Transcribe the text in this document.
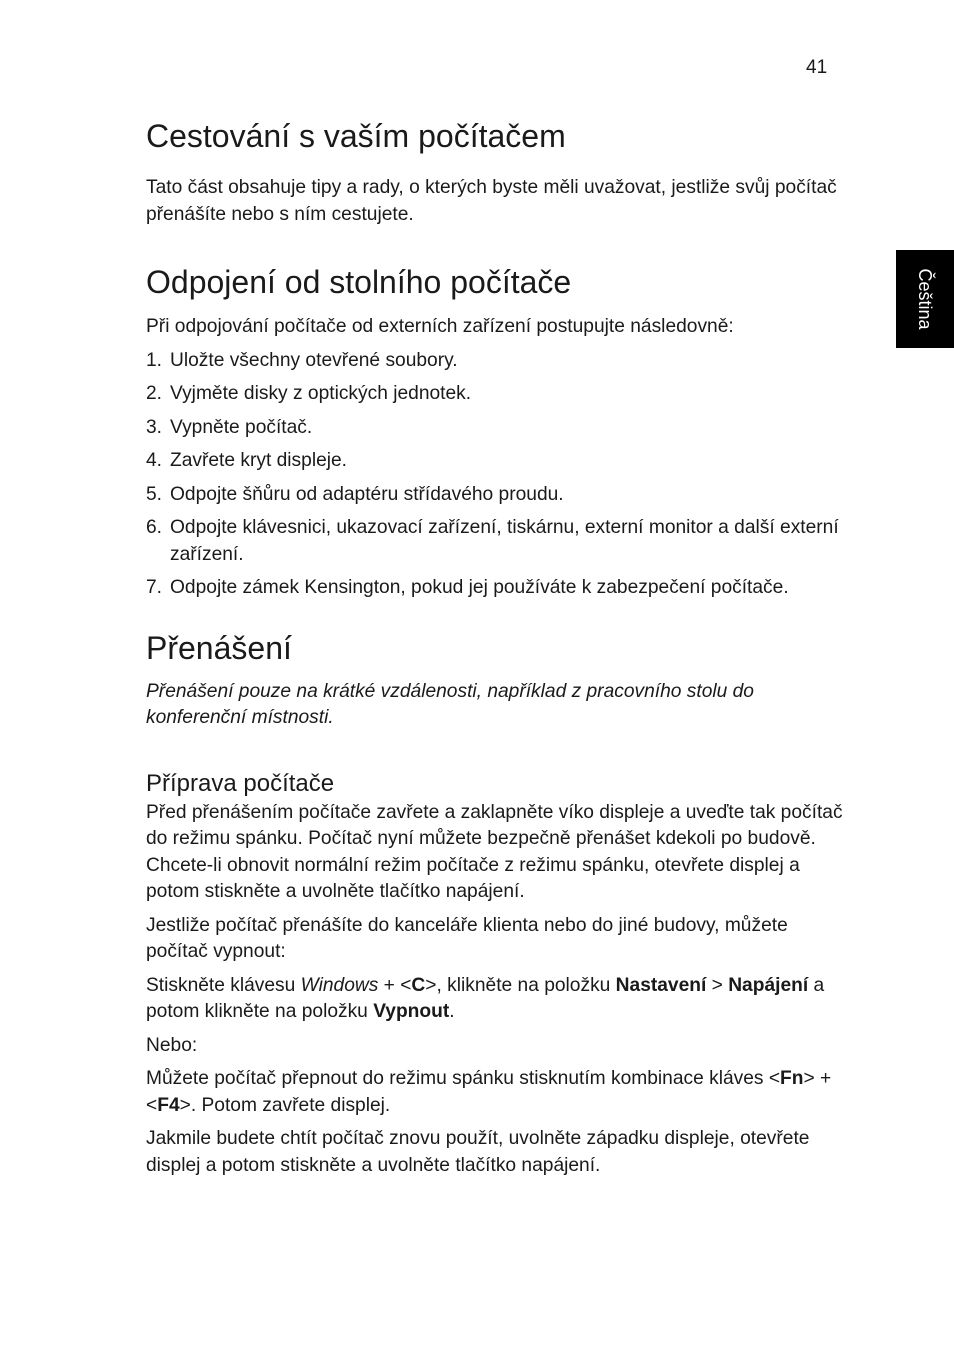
41
Čeština
Cestování s vaším počítačem

Tato část obsahuje tipy a rady, o kterých byste měli uvažovat, jestliže svůj počítač přenášíte nebo s ním cestujete.

Odpojení od stolního počítače

Při odpojování počítače od externích zařízení postupujte následovně:

1. Uložte všechny otevřené soubory.
2. Vyjměte disky z optických jednotek.
3. Vypněte počítač.
4. Zavřete kryt displeje.
5. Odpojte šňůru od adaptéru střídavého proudu.
6. Odpojte klávesnici, ukazovací zařízení, tiskárnu, externí monitor a další externí zařízení.
7. Odpojte zámek Kensington, pokud jej používáte k zabezpečení počítače.
Přenášení

Přenášení pouze na krátké vzdálenosti, například z pracovního stolu do konferenční místnosti.

Příprava počítače

Před přenášením počítače zavřete a zaklapněte víko displeje a uveďte tak počítač do režimu spánku. Počítač nyní můžete bezpečně přenášet kdekoli po budově. Chcete-li obnovit normální režim počítače z režimu spánku, otevřete displej a potom stiskněte a uvolněte tlačítko napájení.

Jestliže počítač přenášíte do kanceláře klienta nebo do jiné budovy, můžete počítač vypnout:

Stiskněte klávesu Windows + <C>, klikněte na položku Nastavení > Napájení a potom klikněte na položku Vypnout.

Nebo:

Můžete počítač přepnout do režimu spánku stisknutím kombinace kláves <Fn> + <F4>. Potom zavřete displej.

Jakmile budete chtít počítač znovu použít, uvolněte západku displeje, otevřete displej a potom stiskněte a uvolněte tlačítko napájení.
